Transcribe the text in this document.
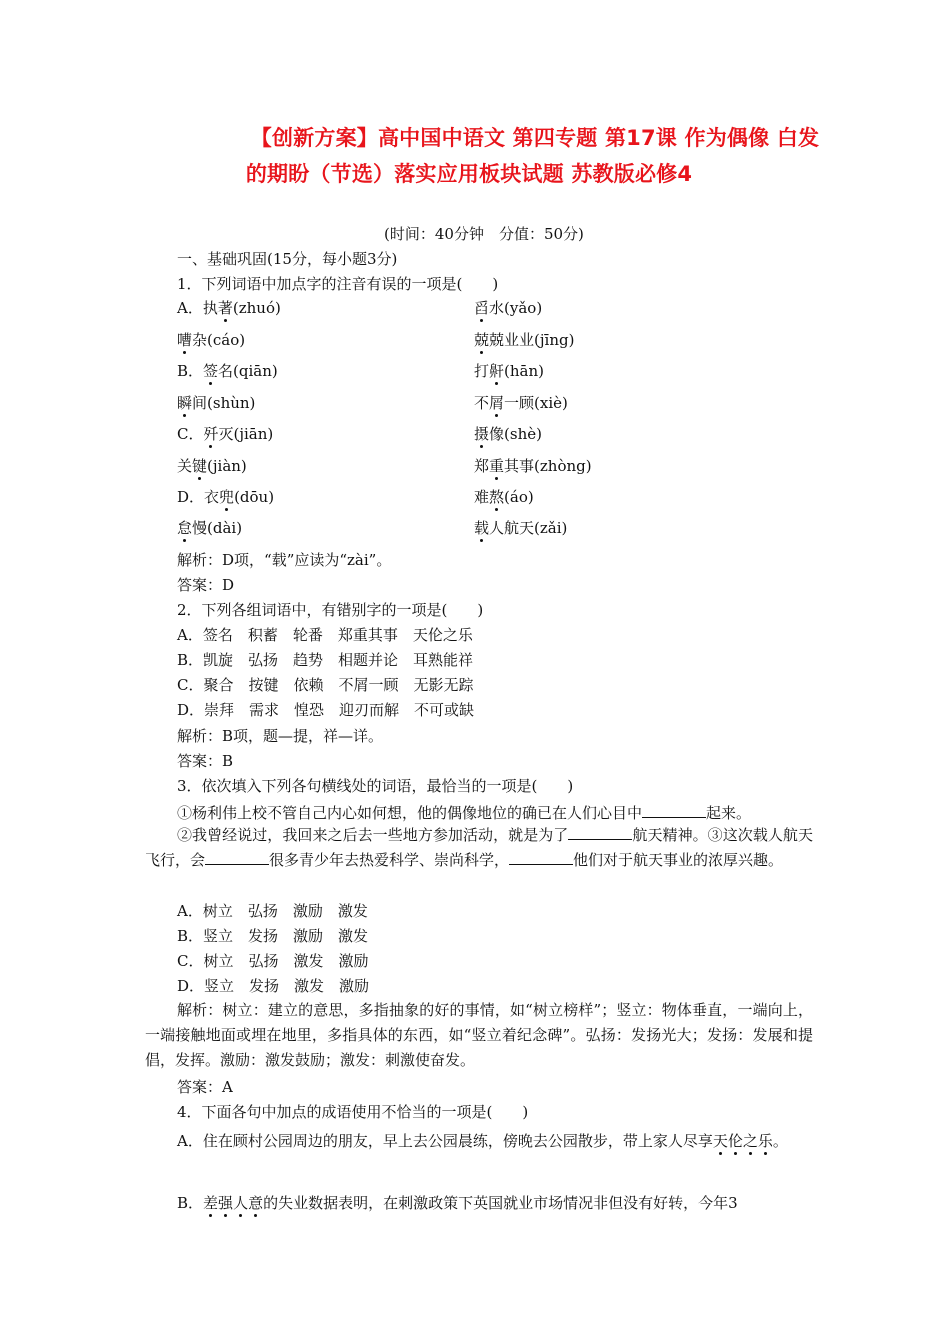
【创新方案】高中国中语文 第四专题 第17课 作为偶像 白发
的期盼（节选）落实应用板块试题 苏教版必修4
(时间：40分钟　分值：50分)
一、基础巩固(15分，每小题3分)
1．下列词语中加点字的注音有误的一项是(　　)
A．执著(zhuó)	舀水(yǎo)
嘈杂(cáo)	兢兢业业(jīng)
B．签名(qiān)	打鼾(hān)
瞬间(shùn)	不屑一顾(xiè)
C．歼灭(jiān)	摄像(shè)
关键(jiàn)	郑重其事(zhòng)
D．衣兜(dōu)	难熬(áo)
怠慢(dài)	载人航天(zǎi)
解析：D项，“载”应读为“zài”。
答案：D
2．下列各组词语中，有错别字的一项是(　　)
A．签名　积蓄　轮番　郑重其事　天伦之乐
B．凯旋　弘扬　趋势　相题并论　耳熟能祥
C．聚合　按键　依赖　不屑一顾　无影无踪
D．崇拜　需求　惶恐　迎刃而解　不可或缺
解析：B项，题—提，祥—详。
答案：B
3．依次填入下列各句横线处的词语，最恰当的一项是(　　)
①杨利伟上校不管自己内心如何想，他的偶像地位的确已在人们心目中	起来。
②我曾经说过，我回来之后去一些地方参加活动，就是为了	航天精神。③这次载人航天飞行，会	很多青少年去热爱科学、崇尚科学，	他们对于航天事业的浓厚兴趣。
A．树立　弘扬　激励　激发
B．竖立　发扬　激励　激发
C．树立　弘扬　激发　激励
D．竖立　发扬　激发　激励
解析：树立：建立的意思，多指抽象的好的事情，如“树立榜样”；竖立：物体垂直，一端向上，一端接触地面或埋在地里，多指具体的东西，如“竖立着纪念碑”。弘扬：发扬光大；发扬：发展和提倡，发挥。激励：激发鼓励；激发：刺激使奋发。
答案：A
4．下面各句中加点的成语使用不恰当的一项是(　　)
A．住在顾村公园周边的朋友，早上去公园晨练，傍晚去公园散步，带上家人尽享天伦之乐。
B．差强人意的失业数据表明，在刺激政策下英国就业市场情况非但没有好转，今年3
